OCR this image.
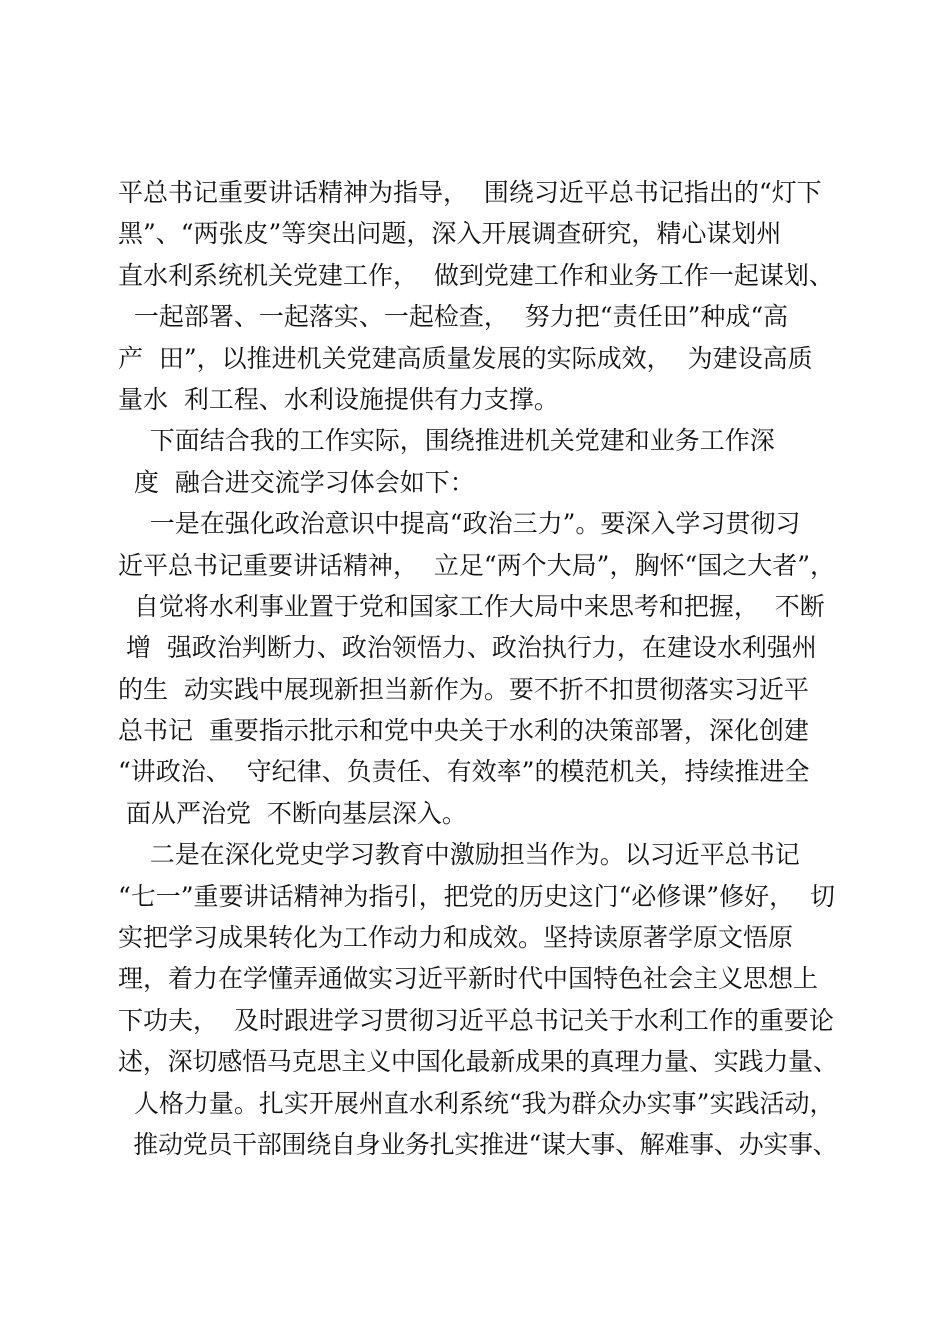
平总书记重要讲话精神为指导，  围绕习近平总书记指出的“灯下
黑”、“两张皮”等突出问题，深入开展调查研究，精心谋划州
直水利系统机关党建工作，  做到党建工作和业务工作一起谋划、
一起部署、一起落实、一起检查，  努力把“责任田”种成“高
产  田”，以推进机关党建高质量发展的实际成效，  为建设高质
量水  利工程、水利设施提供有力支撑。
下面结合我的工作实际，围绕推进机关党建和业务工作深
度  融合进交流学习体会如下：
一是在强化政治意识中提高“政治三力”。要深入学习贯彻习
近平总书记重要讲话精神，  立足“两个大局”，胸怀“国之大者”，
自觉将水利事业置于党和国家工作大局中来思考和把握，  不断
增  强政治判断力、政治领悟力、政治执行力，在建设水利强州
的生  动实践中展现新担当新作为。要不折不扣贯彻落实习近平
总书记  重要指示批示和党中央关于水利的决策部署，深化创建
“讲政治、  守纪律、负责任、有效率”的模范机关，持续推进全
面从严治党  不断向基层深入。
二是在深化党史学习教育中激励担当作为。以习近平总书记
“七一”重要讲话精神为指引，把党的历史这门“必修课”修好，  切
实把学习成果转化为工作动力和成效。坚持读原著学原文悟原
理，着力在学懂弄通做实习近平新时代中国特色社会主义思想上
下功夫，  及时跟进学习贯彻习近平总书记关于水利工作的重要论
述，深切感悟马克思主义中国化最新成果的真理力量、实践力量、
人格力量。扎实开展州直水利系统“我为群众办实事”实践活动，
推动党员干部围绕自身业务扎实推进“谋大事、解难事、办实事、
